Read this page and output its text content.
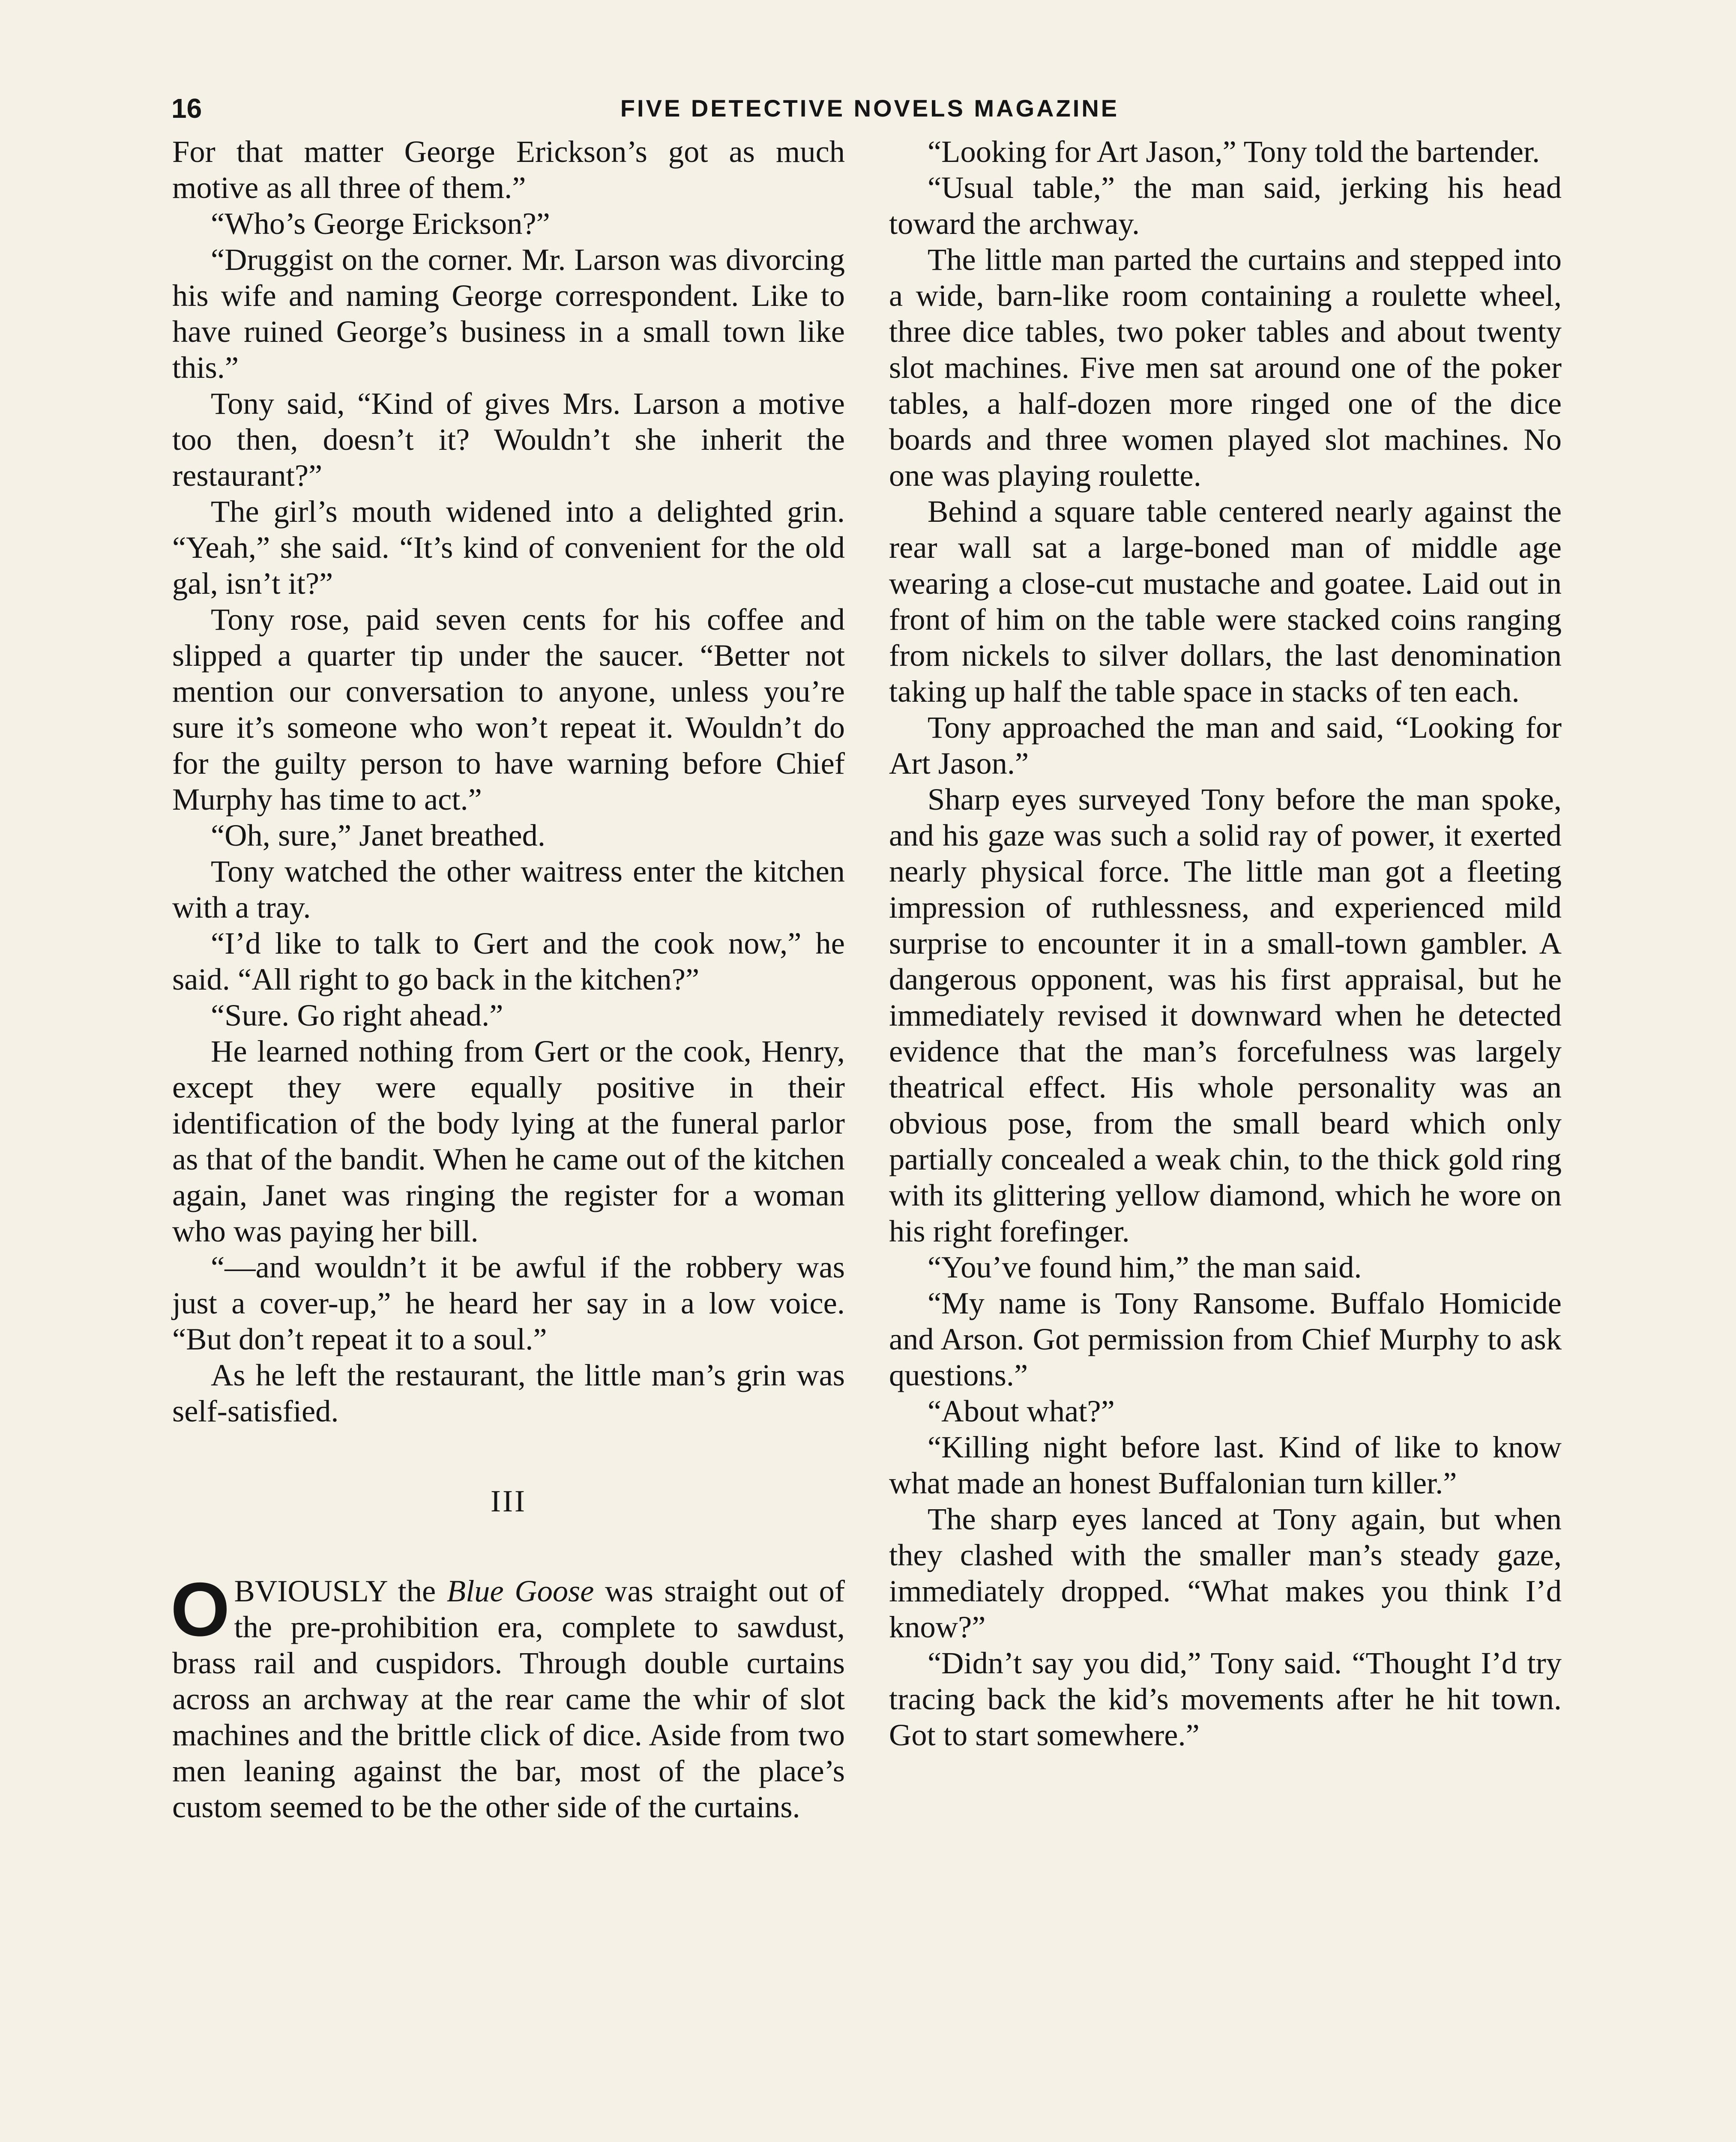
16	FIVE DETECTIVE NOVELS MAGAZINE

For that matter George Erickson’s got as much motive as all three of them.”

“Who’s George Erickson?”

“Druggist on the corner. Mr. Larson was divorcing his wife and naming George correspondent. Like to have ruined George’s business in a small town like this.”

Tony said, “Kind of gives Mrs. Larson a motive too then, doesn’t it? Wouldn’t she inherit the restaurant?”

The girl’s mouth widened into a delighted grin. “Yeah,” she said. “It’s kind of convenient for the old gal, isn’t it?”

Tony rose, paid seven cents for his coffee and slipped a quarter tip under the saucer. “Better not mention our conversation to anyone, unless you’re sure it’s someone who won’t repeat it. Wouldn’t do for the guilty person to have warning before Chief Murphy has time to act.”

“Oh, sure,” Janet breathed.

Tony watched the other waitress enter the kitchen with a tray.

“I’d like to talk to Gert and the cook now,” he said. “All right to go back in the kitchen?”

“Sure. Go right ahead.”

He learned nothing from Gert or the cook, Henry, except they were equally positive in their identification of the body lying at the funeral parlor as that of the bandit. When he came out of the kitchen again, Janet was ringing the register for a woman who was paying her bill.

“—and wouldn’t it be awful if the robbery was just a cover-up,” he heard her say in a low voice. “But don’t repeat it to a soul.”

As he left the restaurant, the little man’s grin was self-satisfied.

III

OBVIOUSLY the Blue Goose was straight out of the pre-prohibition era, complete to sawdust, brass rail and cuspidors. Through double curtains across an archway at the rear came the whir of slot machines and the brittle click of dice. Aside from two men leaning against the bar, most of the place’s custom seemed to be the other side of the curtains.

“Looking for Art Jason,” Tony told the bartender.

“Usual table,” the man said, jerking his head toward the archway.

The little man parted the curtains and stepped into a wide, barn-like room containing a roulette wheel, three dice tables, two poker tables and about twenty slot machines. Five men sat around one of the poker tables, a half-dozen more ringed one of the dice boards and three women played slot machines. No one was playing roulette.

Behind a square table centered nearly against the rear wall sat a large-boned man of middle age wearing a close-cut mustache and goatee. Laid out in front of him on the table were stacked coins ranging from nickels to silver dollars, the last denomination taking up half the table space in stacks of ten each.

Tony approached the man and said, “Looking for Art Jason.”

Sharp eyes surveyed Tony before the man spoke, and his gaze was such a solid ray of power, it exerted nearly physical force. The little man got a fleeting impression of ruthlessness, and experienced mild surprise to encounter it in a small-town gambler. A dangerous opponent, was his first appraisal, but he immediately revised it downward when he detected evidence that the man’s forcefulness was largely theatrical effect. His whole personality was an obvious pose, from the small beard which only partially concealed a weak chin, to the thick gold ring with its glittering yellow diamond, which he wore on his right forefinger.

“You’ve found him,” the man said.

“My name is Tony Ransome. Buffalo Homicide and Arson. Got permission from Chief Murphy to ask questions.”

“About what?”

“Killing night before last. Kind of like to know what made an honest Buffalonian turn killer.”

The sharp eyes lanced at Tony again, but when they clashed with the smaller man’s steady gaze, immediately dropped. “What makes you think I’d know?”

“Didn’t say you did,” Tony said. “Thought I’d try tracing back the kid’s movements after he hit town. Got to start somewhere.”
